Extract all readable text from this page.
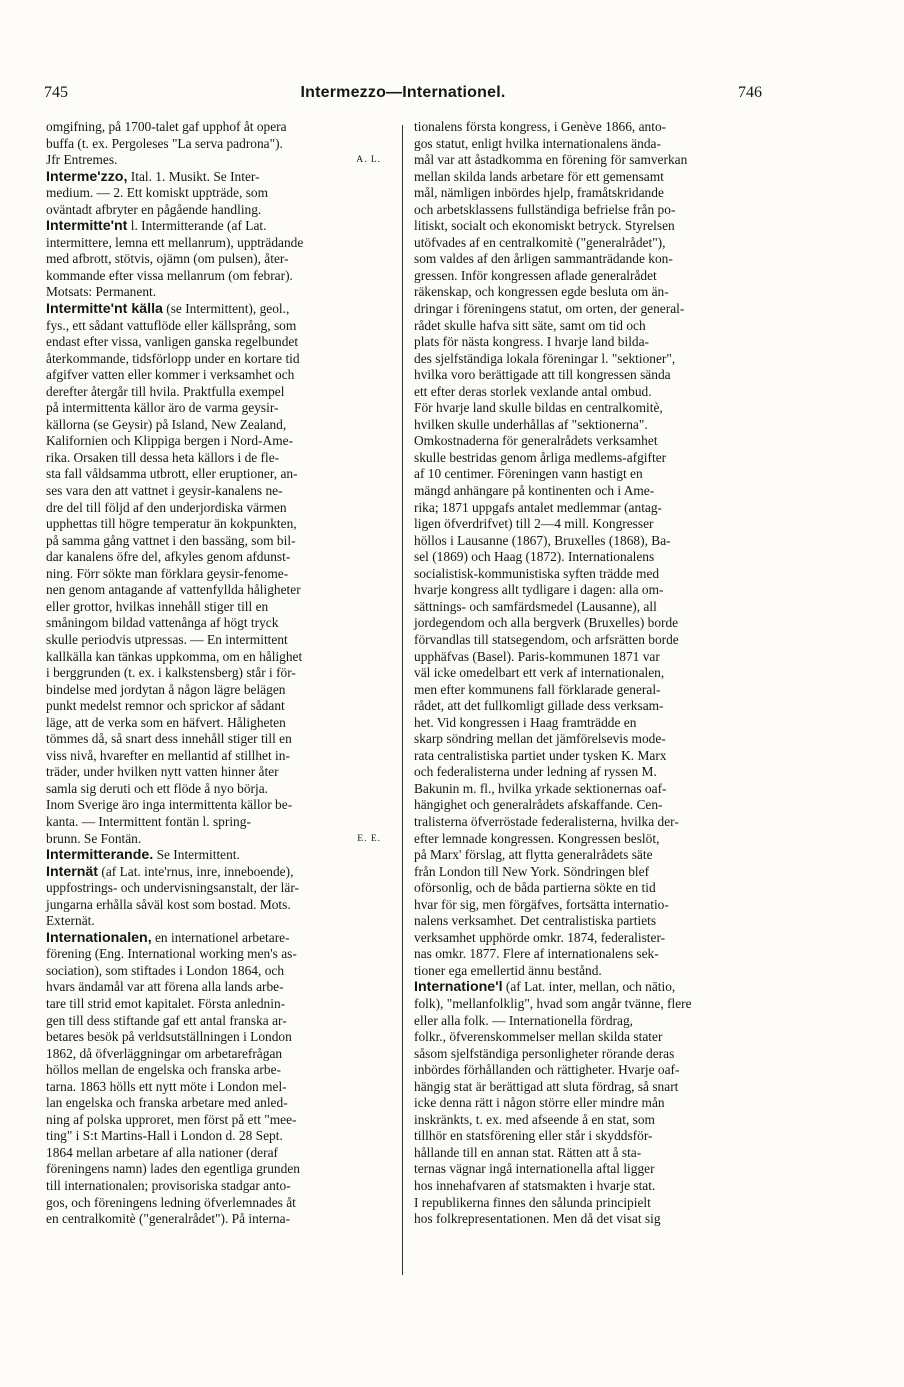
745	Intermezzo—Internationel.	746

omgifning, på 1700-talet gaf upphof åt opera
buffa (t. ex. Pergoleses "La serva padrona").
Jfr Entremes.	A. L.

Interme'zzo, Ital. 1. Musikt. Se Inter-
medium. — 2. Ett komiskt uppträde, som
oväntadt afbryter en pågående handling.

Intermitte'nt l. Intermitterande (af Lat.
intermittere, lemna ett mellanrum), uppträdande
med afbrott, stötvis, ojämn (om pulsen), åter-
kommande efter vissa mellanrum (om febrar).
Motsats: Permanent.

Intermitte'nt källa (se Intermittent), geol.,
fys., ett sådant vattuflöde eller källsprång, som
endast efter vissa, vanligen ganska regelbundet
återkommande, tidsförlopp under en kortare tid
afgifver vatten eller kommer i verksamhet och
derefter återgår till hvila. Praktfulla exempel
på intermittenta källor äro de varma geysir-
källorna (se Geysir) på Island, New Zealand,
Kalifornien och Klippiga bergen i Nord-Ame-
rika. Orsaken till dessa heta källors i de fle-
sta fall våldsamma utbrott, eller eruptioner, an-
ses vara den att vattnet i geysir-kanalens ne-
dre del till följd af den underjordiska värmen
upphettas till högre temperatur än kokpunkten,
på samma gång vattnet i den bassäng, som bil-
dar kanalens öfre del, afkyles genom afdunst-
ning. Förr sökte man förklara geysir-fenome-
nen genom antagande af vattenfyllda håligheter
eller grottor, hvilkas innehåll stiger till en
småningom bildad vattenånga af högt tryck
skulle periodvis utpressas. — En intermittent
kallkälla kan tänkas uppkomma, om en hålighet
i berggrunden (t. ex. i kalkstensberg) står i för-
bindelse med jordytan å någon lägre belägen
punkt medelst remnor och sprickor af sådant
läge, att de verka som en häfvert. Håligheten
tömmes då, så snart dess innehåll stiger till en
viss nivå, hvarefter en mellantid af stillhet in-
träder, under hvilken nytt vatten hinner åter
samla sig deruti och ett flöde å nyo börja.
Inom Sverige äro inga intermittenta källor be-
kanta. — Intermittent fontän l. spring-
brunn. Se Fontän.	E. E.

Intermitterande. Se Intermittent.

Internät (af Lat. inte'rnus, inre, inneboende),
uppfostrings- och undervisningsanstalt, der lär-
jungarna erhålla såväl kost som bostad. Mots.
Externät.

Internationalen, en internationel arbetare-
förening (Eng. International working men's as-
sociation), som stiftades i London 1864, och
hvars ändamål var att förena alla lands arbe-
tare till strid emot kapitalet. Första anlednin-
gen till dess stiftande gaf ett antal franska ar-
betares besök på verldsutställningen i London
1862, då öfverläggningar om arbetarefrågan
höllos mellan de engelska och franska arbe-
tarna. 1863 hölls ett nytt möte i London mel-
lan engelska och franska arbetare med anled-
ning af polska upproret, men först på ett "mee-
ting" i S:t Martins-Hall i London d. 28 Sept.
1864 mellan arbetare af alla nationer (deraf
föreningens namn) lades den egentliga grunden
till internationalen; provisoriska stadgar anto-
gos, och föreningens ledning öfverlemnades åt
en centralkomitè ("generalrådet"). På interna-

tionalens första kongress, i Genève 1866, anto-
gos statut, enligt hvilka internationalens ända-
mål var att åstadkomma en förening för samverkan
mellan skilda lands arbetare för ett gemensamt
mål, nämligen inbördes hjelp, framåtskridande
och arbetsklassens fullständiga befrielse från po-
litiskt, socialt och ekonomiskt betryck. Styrelsen
utöfvades af en centralkomitè ("generalrådet"),
som valdes af den årligen sammanträdande kon-
gressen. Inför kongressen aflade generalrådet
räkenskap, och kongressen egde besluta om än-
dringar i föreningens statut, om orten, der general-
rådet skulle hafva sitt säte, samt om tid och
plats för nästa kongress. I hvarje land bilda-
des sjelfständiga lokala föreningar l. "sektioner",
hvilka voro berättigade att till kongressen sända
ett efter deras storlek vexlande antal ombud.
För hvarje land skulle bildas en centralkomitè,
hvilken skulle underhållas af "sektionerna".
Omkostnaderna för generalrådets verksamhet
skulle bestridas genom årliga medlems-afgifter
af 10 centimer. Föreningen vann hastigt en
mängd anhängare på kontinenten och i Ame-
rika; 1871 uppgafs antalet medlemmar (antag-
ligen öfverdrifvet) till 2—4 mill. Kongresser
höllos i Lausanne (1867), Bruxelles (1868), Ba-
sel (1869) och Haag (1872). Internationalens
socialistisk-kommunistiska syften trädde med
hvarje kongress allt tydligare i dagen: alla om-
sättnings- och samfärdsmedel (Lausanne), all
jordegendom och alla bergverk (Bruxelles) borde
förvandlas till statsegendom, och arfsrätten borde
upphäfvas (Basel). Paris-kommunen 1871 var
väl icke omedelbart ett verk af internationalen,
men efter kommunens fall förklarade general-
rådet, att det fullkomligt gillade dess verksam-
het. Vid kongressen i Haag framträdde en
skarp söndring mellan det jämförelsevis mode-
rata centralistiska partiet under tysken K. Marx
och federalisterna under ledning af ryssen M.
Bakunin m. fl., hvilka yrkade sektionernas oaf-
hängighet och generalrådets afskaffande. Cen-
tralisterna öfverröstade federalisterna, hvilka der-
efter lemnade kongressen. Kongressen beslöt,
på Marx' förslag, att flytta generalrådets säte
från London till New York. Söndringen blef
oförsonlig, och de båda partierna sökte en tid
hvar för sig, men förgäfves, fortsätta internatio-
nalens verksamhet. Det centralistiska partiets
verksamhet upphörde omkr. 1874, federalister-
nas omkr. 1877. Flere af internationalens sek-
tioner ega emellertid ännu bestånd.

Internatione'l (af Lat. inter, mellan, och nātio,
folk), "mellanfolklig", hvad som angår tvänne, flere
eller alla folk. — Internationella fördrag,
folkr., öfverenskommelser mellan skilda stater
såsom sjelfständiga personligheter rörande deras
inbördes förhållanden och rättigheter. Hvarje oaf-
hängig stat är berättigad att sluta fördrag, så snart
icke denna rätt i någon större eller mindre mån
inskränkts, t. ex. med afseende å en stat, som
tillhör en statsförening eller står i skyddsför-
hållande till en annan stat. Rätten att å sta-
ternas vägnar ingå internationella aftal ligger
hos innehafvaren af statsmakten i hvarje stat.
I republikerna finnes den sålunda principielt
hos folkrepresentationen. Men då det visat sig
